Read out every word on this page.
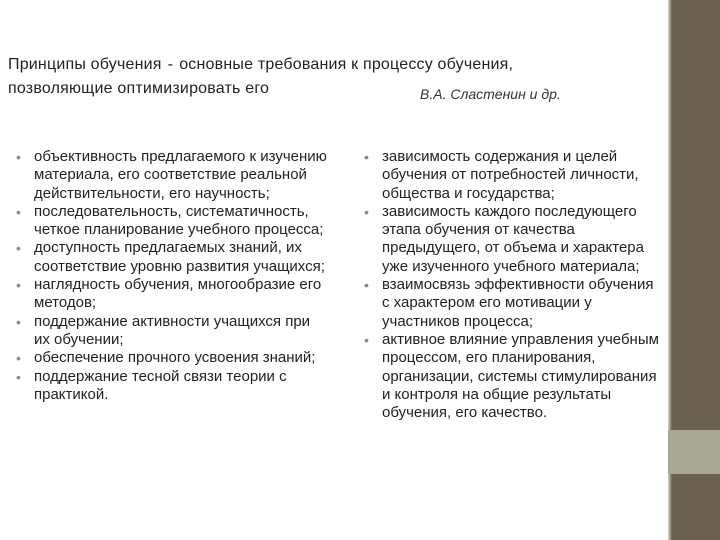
Принципы обучения - основные требования к процессу обучения,
позволяющие оптимизировать его	В.А. Сластенин и др.
• объективность предлагаемого к изучению материала, его соответствие реальной действительности, его научность;
• последовательность, систематичность, четкое планирование учебного процесса;
• доступность предлагаемых знаний, их соответствие уровню развития учащихся;
• наглядность обучения, многообразие его методов;
• поддержание активности учащихся при их обучении;
• обеспечение прочного усвоения знаний;
• поддержание тесной связи теории с практикой.
• зависимость содержания и целей обучения от потребностей личности, общества и государства;
• зависимость каждого последующего этапа обучения от качества предыдущего, от объема и характера уже изученного учебного материала;
• взаимосвязь эффективности обучения с характером его мотивации у участников процесса;
• активное влияние управления учебным процессом, его планирования, организации, системы стимулирования и контроля на общие результаты обучения, его качество.
